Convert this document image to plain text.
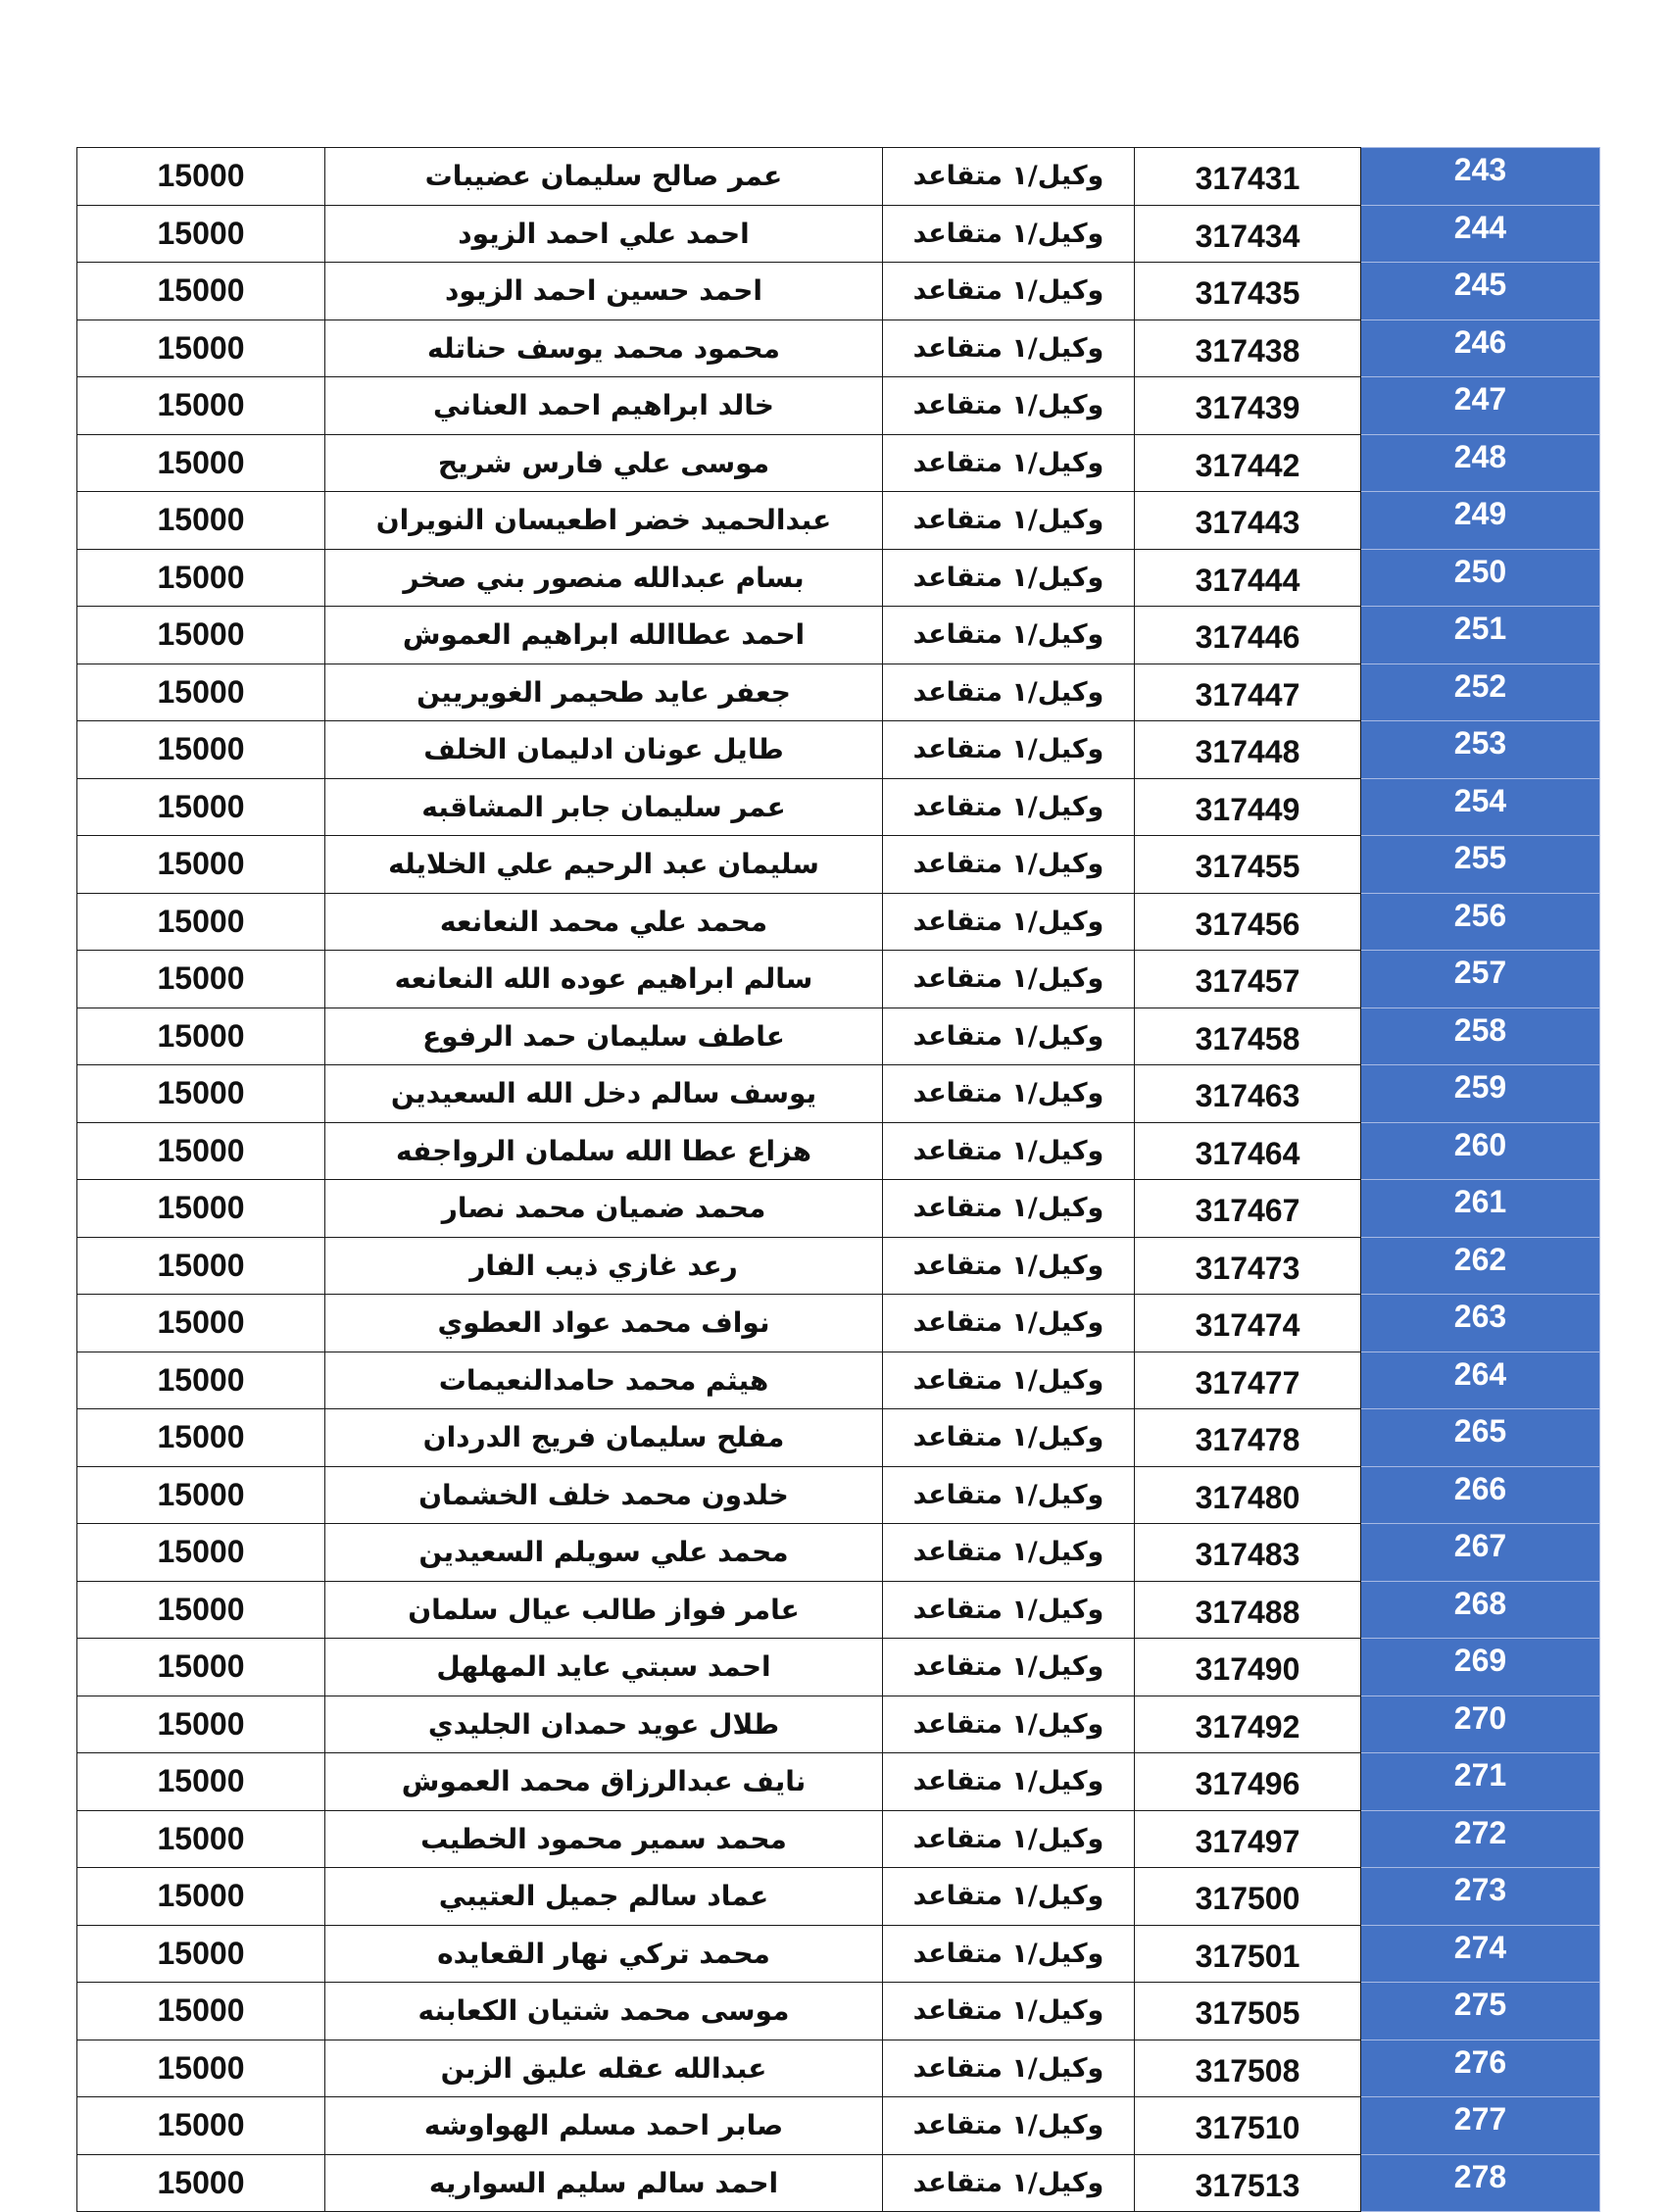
15000	عمر صالح سليمان عضيبات	وكيل/١ متقاعد	317431	243
15000	احمد علي احمد الزيود	وكيل/١ متقاعد	317434	244
15000	احمد حسين احمد الزيود	وكيل/١ متقاعد	317435	245
15000	محمود محمد يوسف حناتله	وكيل/١ متقاعد	317438	246
15000	خالد ابراهيم احمد العناني	وكيل/١ متقاعد	317439	247
15000	موسى علي فارس شريح	وكيل/١ متقاعد	317442	248
15000	عبدالحميد خضر اطعيسان النويران	وكيل/١ متقاعد	317443	249
15000	بسام عبدالله منصور بني صخر	وكيل/١ متقاعد	317444	250
15000	احمد عطاالله ابراهيم العموش	وكيل/١ متقاعد	317446	251
15000	جعفر عايد طحيمر الغويريين	وكيل/١ متقاعد	317447	252
15000	طايل عونان ادليمان الخلف	وكيل/١ متقاعد	317448	253
15000	عمر سليمان جابر المشاقبه	وكيل/١ متقاعد	317449	254
15000	سليمان عبد الرحيم علي الخلايله	وكيل/١ متقاعد	317455	255
15000	محمد علي محمد النعانعه	وكيل/١ متقاعد	317456	256
15000	سالم ابراهيم عوده الله النعانعه	وكيل/١ متقاعد	317457	257
15000	عاطف سليمان حمد الرفوع	وكيل/١ متقاعد	317458	258
15000	يوسف سالم دخل الله السعيدين	وكيل/١ متقاعد	317463	259
15000	هزاع عطا الله سلمان الرواجفه	وكيل/١ متقاعد	317464	260
15000	محمد ضميان محمد نصار	وكيل/١ متقاعد	317467	261
15000	رعد غازي ذيب الفار	وكيل/١ متقاعد	317473	262
15000	نواف محمد عواد العطوي	وكيل/١ متقاعد	317474	263
15000	هيثم محمد حامدالنعيمات	وكيل/١ متقاعد	317477	264
15000	مفلح سليمان فريج الدردان	وكيل/١ متقاعد	317478	265
15000	خلدون محمد خلف الخشمان	وكيل/١ متقاعد	317480	266
15000	محمد علي سويلم السعيدين	وكيل/١ متقاعد	317483	267
15000	عامر فواز طالب عيال سلمان	وكيل/١ متقاعد	317488	268
15000	احمد سبتي عايد المهلهل	وكيل/١ متقاعد	317490	269
15000	طلال عويد حمدان الجليدي	وكيل/١ متقاعد	317492	270
15000	نايف عبدالرزاق محمد العموش	وكيل/١ متقاعد	317496	271
15000	محمد سمير محمود الخطيب	وكيل/١ متقاعد	317497	272
15000	عماد سالم جميل العتيبي	وكيل/١ متقاعد	317500	273
15000	محمد تركي نهار القعايده	وكيل/١ متقاعد	317501	274
15000	موسى محمد شتيان الكعابنه	وكيل/١ متقاعد	317505	275
15000	عبدالله عقله عليق الزبن	وكيل/١ متقاعد	317508	276
15000	صابر احمد مسلم الهواوشه	وكيل/١ متقاعد	317510	277
15000	احمد سالم سليم السواريه	وكيل/١ متقاعد	317513	278
